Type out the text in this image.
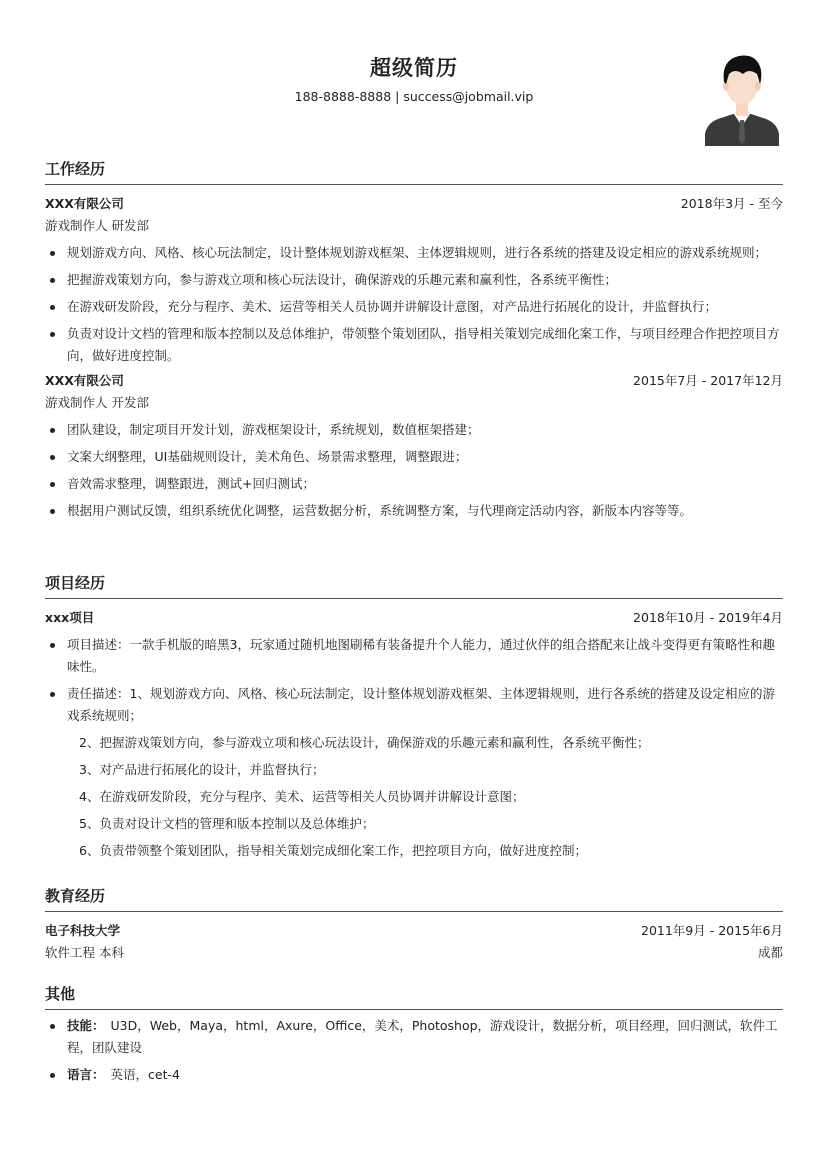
超级简历
188-8888-8888 | success@jobmail.vip
工作经历
XXX有限公司	2018年3月 - 至今
游戏制作人 研发部
规划游戏方向、风格、核心玩法制定，设计整体规划游戏框架、主体逻辑规则，进行各系统的搭建及设定相应的游戏系统规则；
把握游戏策划方向，参与游戏立项和核心玩法设计，确保游戏的乐趣元素和赢利性，各系统平衡性；
在游戏研发阶段，充分与程序、美术、运营等相关人员协调并讲解设计意图，对产品进行拓展化的设计，并监督执行；
负责对设计文档的管理和版本控制以及总体维护，带领整个策划团队，指导相关策划完成细化案工作，与项目经理合作把控项目方向，做好进度控制。
XXX有限公司	2015年7月 - 2017年12月
游戏制作人 开发部
团队建设，制定项目开发计划，游戏框架设计，系统规划，数值框架搭建；
文案大纲整理，UI基础规则设计，美术角色、场景需求整理，调整跟进；
音效需求整理，调整跟进，测试+回归测试；
根据用户测试反馈，组织系统优化调整，运营数据分析，系统调整方案，与代理商定活动内容，新版本内容等等。
项目经历
xxx项目	2018年10月 - 2019年4月
项目描述：一款手机版的暗黑3，玩家通过随机地图刷稀有装备提升个人能力，通过伙伴的组合搭配来让战斗变得更有策略性和趣味性。
责任描述：1、规划游戏方向、风格、核心玩法制定，设计整体规划游戏框架、主体逻辑规则，进行各系统的搭建及设定相应的游戏系统规则；
2、把握游戏策划方向，参与游戏立项和核心玩法设计，确保游戏的乐趣元素和赢利性，各系统平衡性；
3、对产品进行拓展化的设计，并监督执行；
4、在游戏研发阶段，充分与程序、美术、运营等相关人员协调并讲解设计意图；
5、负责对设计文档的管理和版本控制以及总体维护；
6、负责带领整个策划团队，指导相关策划完成细化案工作，把控项目方向，做好进度控制；
教育经历
电子科技大学	2011年9月 - 2015年6月
软件工程 本科	成都
其他
技能： U3D，Web，Maya，html，Axure，Office，美术，Photoshop，游戏设计，数据分析，项目经理，回归测试，软件工程，团队建设
语言： 英语，cet-4
